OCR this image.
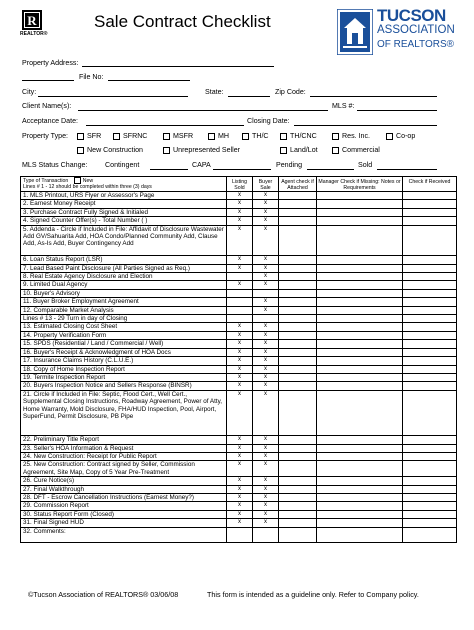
R
REALTOR®
Sale Contract Checklist	TUCSON
ASSOCIATION
OF REALTORS®
Property Address:
File No:
City:	State:	Zip Code:
Client Name(s):	MLS #:
Acceptance Date:	Closing Date:
Property Type:	SFR	SFRNC	MSFR	MH	TH/C	TH/CNC	Res. Inc.	Co-op
New Construction	Unrepresented Seller	Land/Lot	Commercial
MLS Status Change: Contingent	CAPA	Pending	Sold
Type of Transaction New
Lines # 1 - 12 should be completed within three (3) days	Listing Sold	Buyer Sale	Agent check if Attached	Manager Check if Missing: Notes or Requirements	Check if Received
1. MLS Printout, URS Flyer or Assessor's Page	x	x			
2. Earnest Money Receipt	x	x			
3. Purchase Contract Fully Signed & Initialed	x	x			
4. Signed Counter Offer(s) - Total Number ( )	x	x			
5. Addenda - Circle if Included in File: Affidavit of Disclosure Wastewater Add GV/Sahuarita Add, HOA Condo/Planned Community Add, Clause Add, As-Is Add, Buyer Contingency Add	x	x			
6. Loan Status Report (LSR)	x	x			
7. Lead Based Paint Disclosure (All Parties Signed as Req.)	x	x			
8. Real Estate Agency Disclosure and Election		x			
9. Limited Dual Agency	x	x			
10. Buyer's Advisory					
11. Buyer Broker Employment Agreement		x			
12. Comparable Market Analysis		x			
Lines # 13 - 29 Turn in day of Closing					
13. Estimated Closing Cost Sheet	x	x			
14. Property Verification Form	x	x			
15. SPDS (Residential / Land / Commercial / Well)	x	x			
16. Buyer's Receipt & Acknowledgment of HOA Docs	x	x			
17. Insurance Claims History (C.L.U.E.)	x	x			
18. Copy of Home Inspection Report	x	x			
19. Termite Inspection Report	x	x			
20. Buyers Inspection Notice and Sellers Response (BINSR)	x	x			
21. Circle if Included in File: Septic, Flood Cert., Well Cert., Supplemental Closing Instructions, Roadway Agreement, Power of Atty, Home Warranty, Mold Disclosure, FHA/HUD Inspection, Pool, Airport, SuperFund, Permit Disclosure, PB Pipe	x	x			
22. Preliminary Title Report	x	x			
23. Seller's HOA Information & Request	x	x			
24. New Construction: Receipt for Public Report	x	x			
25. New Construction: Contract signed by Seller, Commission Agreement, Site Map, Copy of 5 Year Pre-Treatment	x	x			
26. Cure Notice(s)	x	x			
27. Final Walkthrough	x	x			
28. DFT - Escrow Cancellation Instructions (Earnest Money?)	x	x			
29. Commission Report	x	x			
30. Status Report Form (Closed)	x	x			
31. Final Signed HUD	x	x			
32. Comments:					
©Tucson Association of REALTORS® 03/06/08	This form is intended as a guideline only. Refer to Company policy.
